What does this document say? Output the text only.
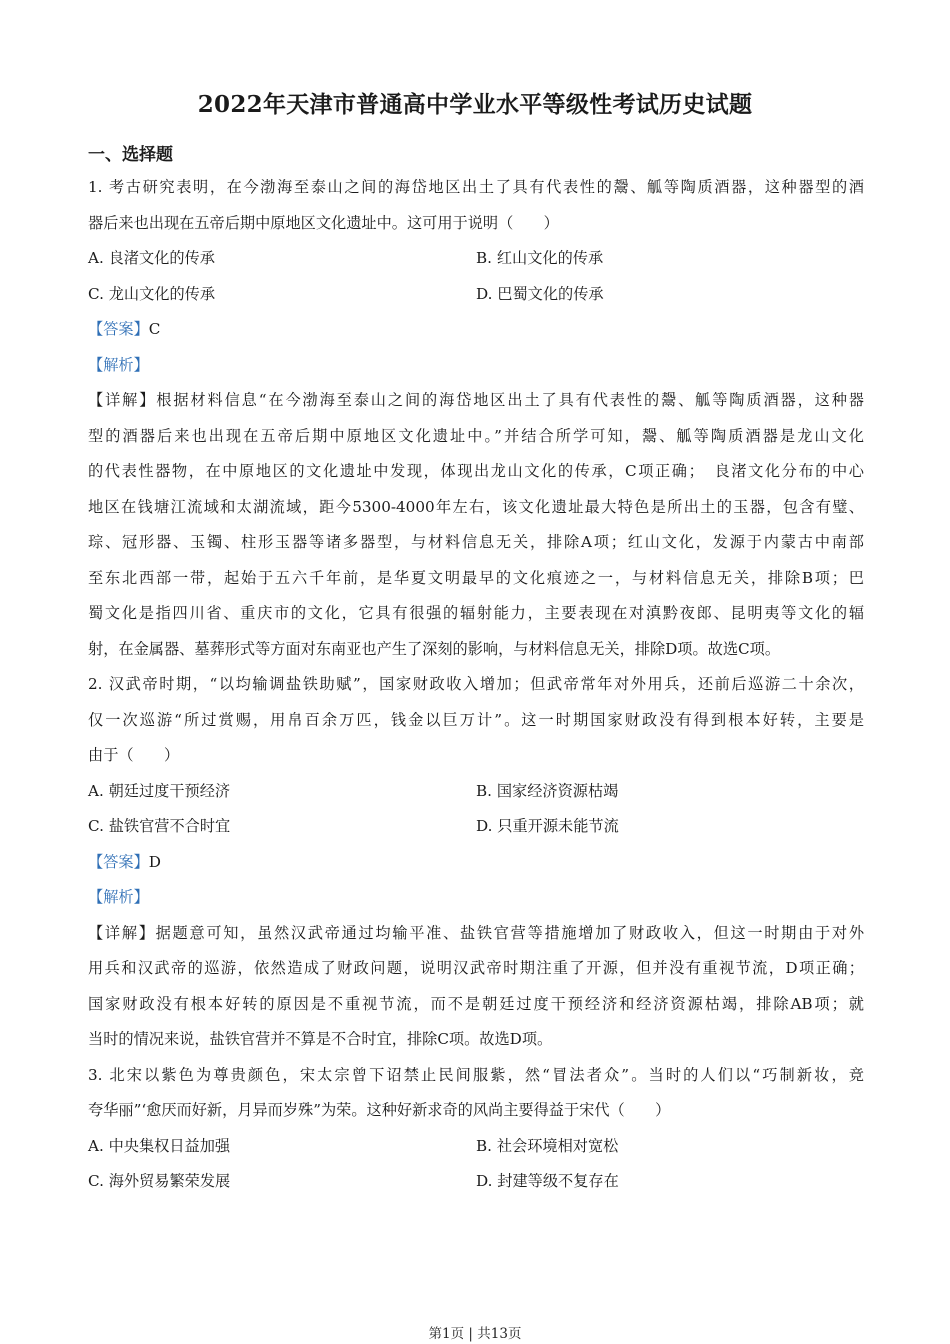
2022年天津市普通高中学业水平等级性考试历史试题
一、选择题
1. 考古研究表明，在今渤海至泰山之间的海岱地区出土了具有代表性的鬶、觚等陶质酒器，这种器型的酒
器后来也出现在五帝后期中原地区文化遗址中。这可用于说明（　　）
A. 良渚文化的传承	B. 红山文化的传承
C. 龙山文化的传承	D. 巴蜀文化的传承
【答案】C
【解析】
【详解】根据材料信息“在今渤海至泰山之间的海岱地区出土了具有代表性的鬶、觚等陶质酒器，这种器
型的酒器后来也出现在五帝后期中原地区文化遗址中。”并结合所学可知，鬶、觚等陶质酒器是龙山文化
的代表性器物，在中原地区的文化遗址中发现，体现出龙山文化的传承，C项正确；　良渚文化分布的中心
地区在钱塘江流域和太湖流域，距今5300-4000年左右，该文化遗址最大特色是所出土的玉器，包含有璧、
琮、冠形器、玉镯、柱形玉器等诸多器型，与材料信息无关，排除A项；红山文化，发源于内蒙古中南部
至东北西部一带，起始于五六千年前，是华夏文明最早的文化痕迹之一，与材料信息无关，排除B项；巴
蜀文化是指四川省、重庆市的文化，它具有很强的辐射能力，主要表现在对滇黔夜郎、昆明夷等文化的辐
射，在金属器、墓葬形式等方面对东南亚也产生了深刻的影响，与材料信息无关，排除D项。故选C项。
2. 汉武帝时期，“以均输调盐铁助赋”，国家财政收入增加；但武帝常年对外用兵，还前后巡游二十余次，
仅一次巡游“所过赏赐，用帛百余万匹，钱金以巨万计”。这一时期国家财政没有得到根本好转，主要是
由于（　　）
A. 朝廷过度干预经济	B. 国家经济资源枯竭
C. 盐铁官营不合时宜	D. 只重开源未能节流
【答案】D
【解析】
【详解】据题意可知，虽然汉武帝通过均输平准、盐铁官营等措施增加了财政收入，但这一时期由于对外
用兵和汉武帝的巡游，依然造成了财政问题，说明汉武帝时期注重了开源，但并没有重视节流，D项正确；
国家财政没有根本好转的原因是不重视节流，而不是朝廷过度干预经济和经济资源枯竭，排除AB项；就
当时的情况来说，盐铁官营并不算是不合时宜，排除C项。故选D项。
3. 北宋以紫色为尊贵颜色，宋太宗曾下诏禁止民间服紫，然“冒法者众”。当时的人们以“巧制新妆，竞
夸华丽”‘愈厌而好新，月异而岁殊”为荣。这种好新求奇的风尚主要得益于宋代（　　）
A. 中央集权日益加强	B. 社会环境相对宽松
C. 海外贸易繁荣发展	D. 封建等级不复存在
第1页 | 共13页
